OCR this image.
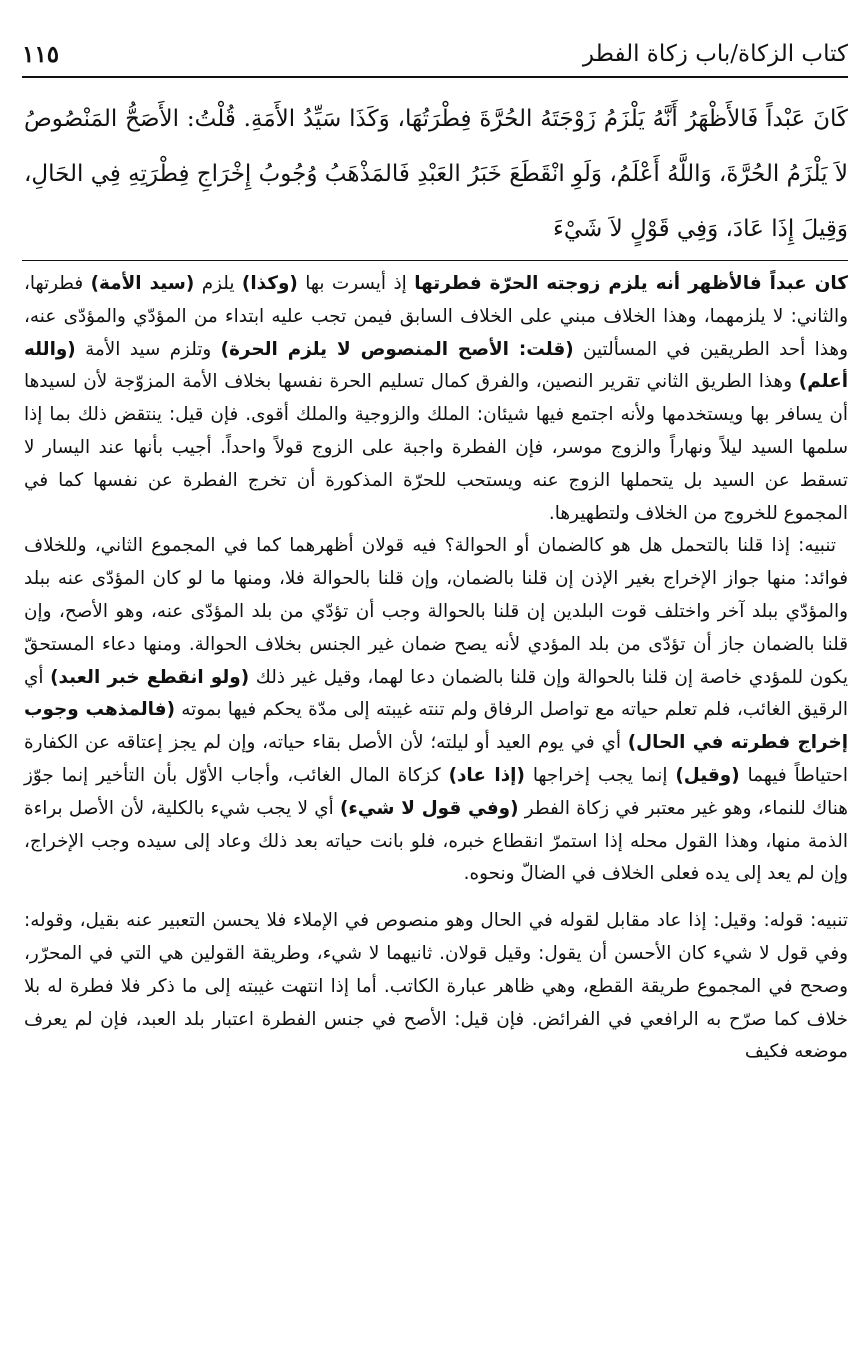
كتاب الزكاة/باب زكاة الفطر
١١٥

كَانَ عَبْداً فَالأَظْهَرُ أَنَّهُ يَلْزَمُ زَوْجَتَهُ الحُرَّةَ فِطْرَتُهَا، وَكَذَا سَيِّدُ الأَمَةِ. قُلْتُ: الأَصَحُّ المَنْصُوصُ لاَ يَلْزَمُ الحُرَّةَ، وَاللَّهُ أَعْلَمُ، وَلَوِ انْقَطَعَ خَبَرُ العَبْدِ فَالمَذْهَبُ وُجُوبُ إِخْرَاجِ فِطْرَتِهِ فِي الحَالِ، وَقِيلَ إِذَا عَادَ، وَفِي قَوْلٍ لاَ شَيْءَ

كان عبداً فالأظهر أنه يلزم زوجته الحرّة فطرتها إذ أيسرت بها (وكذا) يلزم (سيد الأمة) فطرتها، والثاني: لا يلزمهما، وهذا الخلاف مبني على الخلاف السابق فيمن تجب عليه ابتداء من المؤدّي والمؤدّى عنه، وهذا أحد الطريقين في المسألتين (قلت: الأصح المنصوص لا يلزم الحرة) وتلزم سيد الأمة (والله أعلم) وهذا الطريق الثاني تقرير النصين، والفرق كمال تسليم الحرة نفسها بخلاف الأمة المزوّجة لأن لسيدها أن يسافر بها ويستخدمها ولأنه اجتمع فيها شيئان: الملك والزوجية والملك أقوى. فإن قيل: ينتقض ذلك بما إذا سلمها السيد ليلاً ونهاراً والزوج موسر، فإن الفطرة واجبة على الزوج قولاً واحداً. أجيب بأنها عند اليسار لا تسقط عن السيد بل يتحملها الزوج عنه ويستحب للحرّة المذكورة أن تخرج الفطرة عن نفسها كما في المجموع للخروج من الخلاف ولتطهيرها.

تنبيه: إذا قلنا بالتحمل هل هو كالضمان أو الحوالة؟ فيه قولان أظهرهما كما في المجموع الثاني، وللخلاف فوائد: منها جواز الإخراج بغير الإذن إن قلنا بالضمان، وإن قلنا بالحوالة فلا، ومنها ما لو كان المؤدّى عنه ببلد والمؤدّي ببلد آخر واختلف قوت البلدين إن قلنا بالحوالة وجب أن تؤدّي من بلد المؤدّى عنه، وهو الأصح، وإن قلنا بالضمان جاز أن تؤدّى من بلد المؤدي لأنه يصح ضمان غير الجنس بخلاف الحوالة. ومنها دعاء المستحقّ يكون للمؤدي خاصة إن قلنا بالحوالة وإن قلنا بالضمان دعا لهما، وقيل غير ذلك (ولو انقطع خبر العبد) أي الرقيق الغائب، فلم تعلم حياته مع تواصل الرفاق ولم تنته غيبته إلى مدّة يحكم فيها بموته (فالمذهب وجوب إخراج فطرته في الحال) أي في يوم العيد أو ليلته؛ لأن الأصل بقاء حياته، وإن لم يجز إعتاقه عن الكفارة احتياطاً فيهما (وقيل) إنما يجب إخراجها (إذا عاد) كزكاة المال الغائب، وأجاب الأوّل بأن التأخير إنما جوّز هناك للنماء، وهو غير معتبر في زكاة الفطر (وفي قول لا شيء) أي لا يجب شيء بالكلية، لأن الأصل براءة الذمة منها، وهذا القول محله إذا استمرّ انقطاع خبره، فلو بانت حياته بعد ذلك وعاد إلى سيده وجب الإخراج، وإن لم يعد إلى يده فعلى الخلاف في الضالّ ونحوه.

تنبيه: قوله: وقيل: إذا عاد مقابل لقوله في الحال وهو منصوص في الإملاء فلا يحسن التعبير عنه بقيل، وقوله: وفي قول لا شيء كان الأحسن أن يقول: وقيل قولان. ثانيهما لا شيء، وطريقة القولين هي التي في المحرّر، وصحح في المجموع طريقة القطع، وهي ظاهر عبارة الكاتب. أما إذا انتهت غيبته إلى ما ذكر فلا فطرة له بلا خلاف كما صرّح به الرافعي في الفرائض. فإن قيل: الأصح في جنس الفطرة اعتبار بلد العبد، فإن لم يعرف موضعه فكيف
